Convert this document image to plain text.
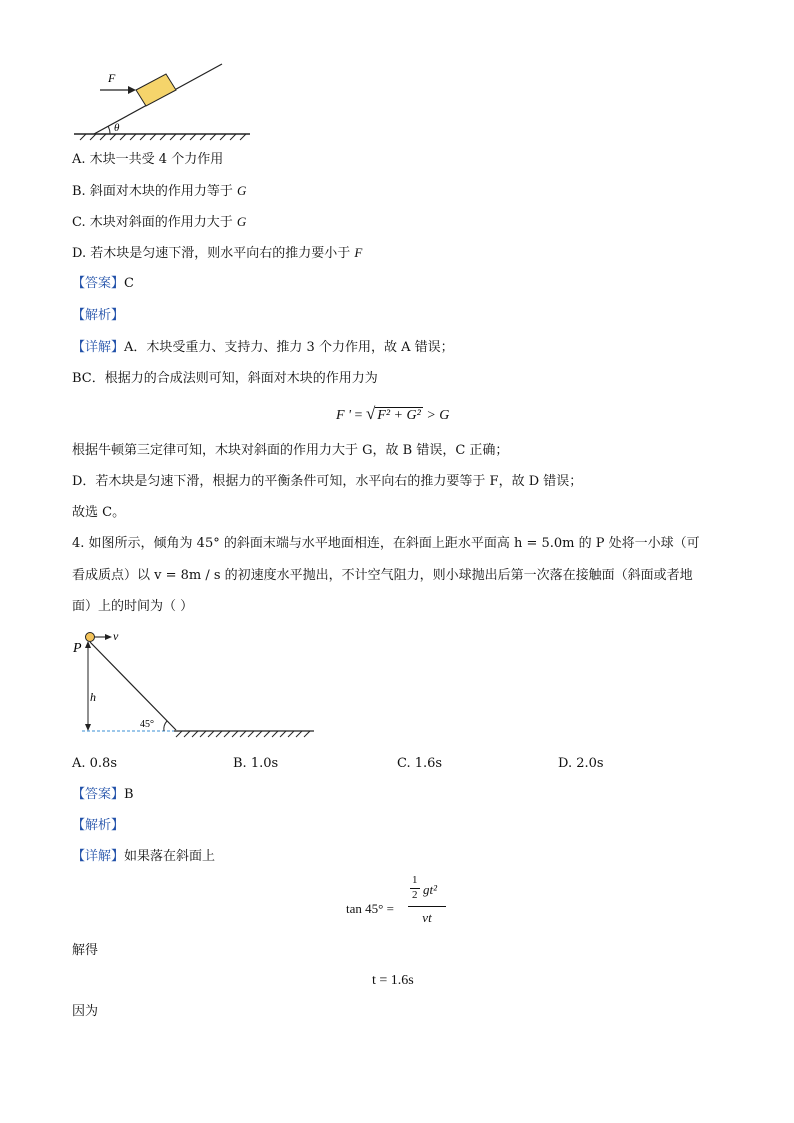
θ
F
A. 木块一共受 4 个力作用
B. 斜面对木块的作用力等于 G
C. 木块对斜面的作用力大于 G
D. 若木块是匀速下滑，则水平向右的推力要小于 F
【答案】C
【解析】
【详解】A．木块受重力、支持力、推力 3 个力作用，故 A 错误；
BC．根据力的合成法则可知，斜面对木块的作用力为
F ' = √ F² + G² > G
根据牛顿第三定律可知，木块对斜面的作用力大于 G，故 B 错误，C 正确；
D．若木块是匀速下滑，根据力的平衡条件可知，水平向右的推力要等于 F，故 D 错误；
故选 C。
4. 如图所示，倾角为 45° 的斜面末端与水平地面相连，在斜面上距水平面高 h = 5.0m 的 P 处将一小球（可
看成质点）以 v = 8m / s 的初速度水平抛出，不计空气阻力，则小球抛出后第一次落在接触面（斜面或者地
面）上的时间为（ ）
v
P
h
45°
A. 0.8s	B. 1.0s	C. 1.6s	D. 2.0s
【答案】B
【解析】
【详解】如果落在斜面上
tan 45° =
1
2 gt²
vt
解得
t = 1.6s
因为
